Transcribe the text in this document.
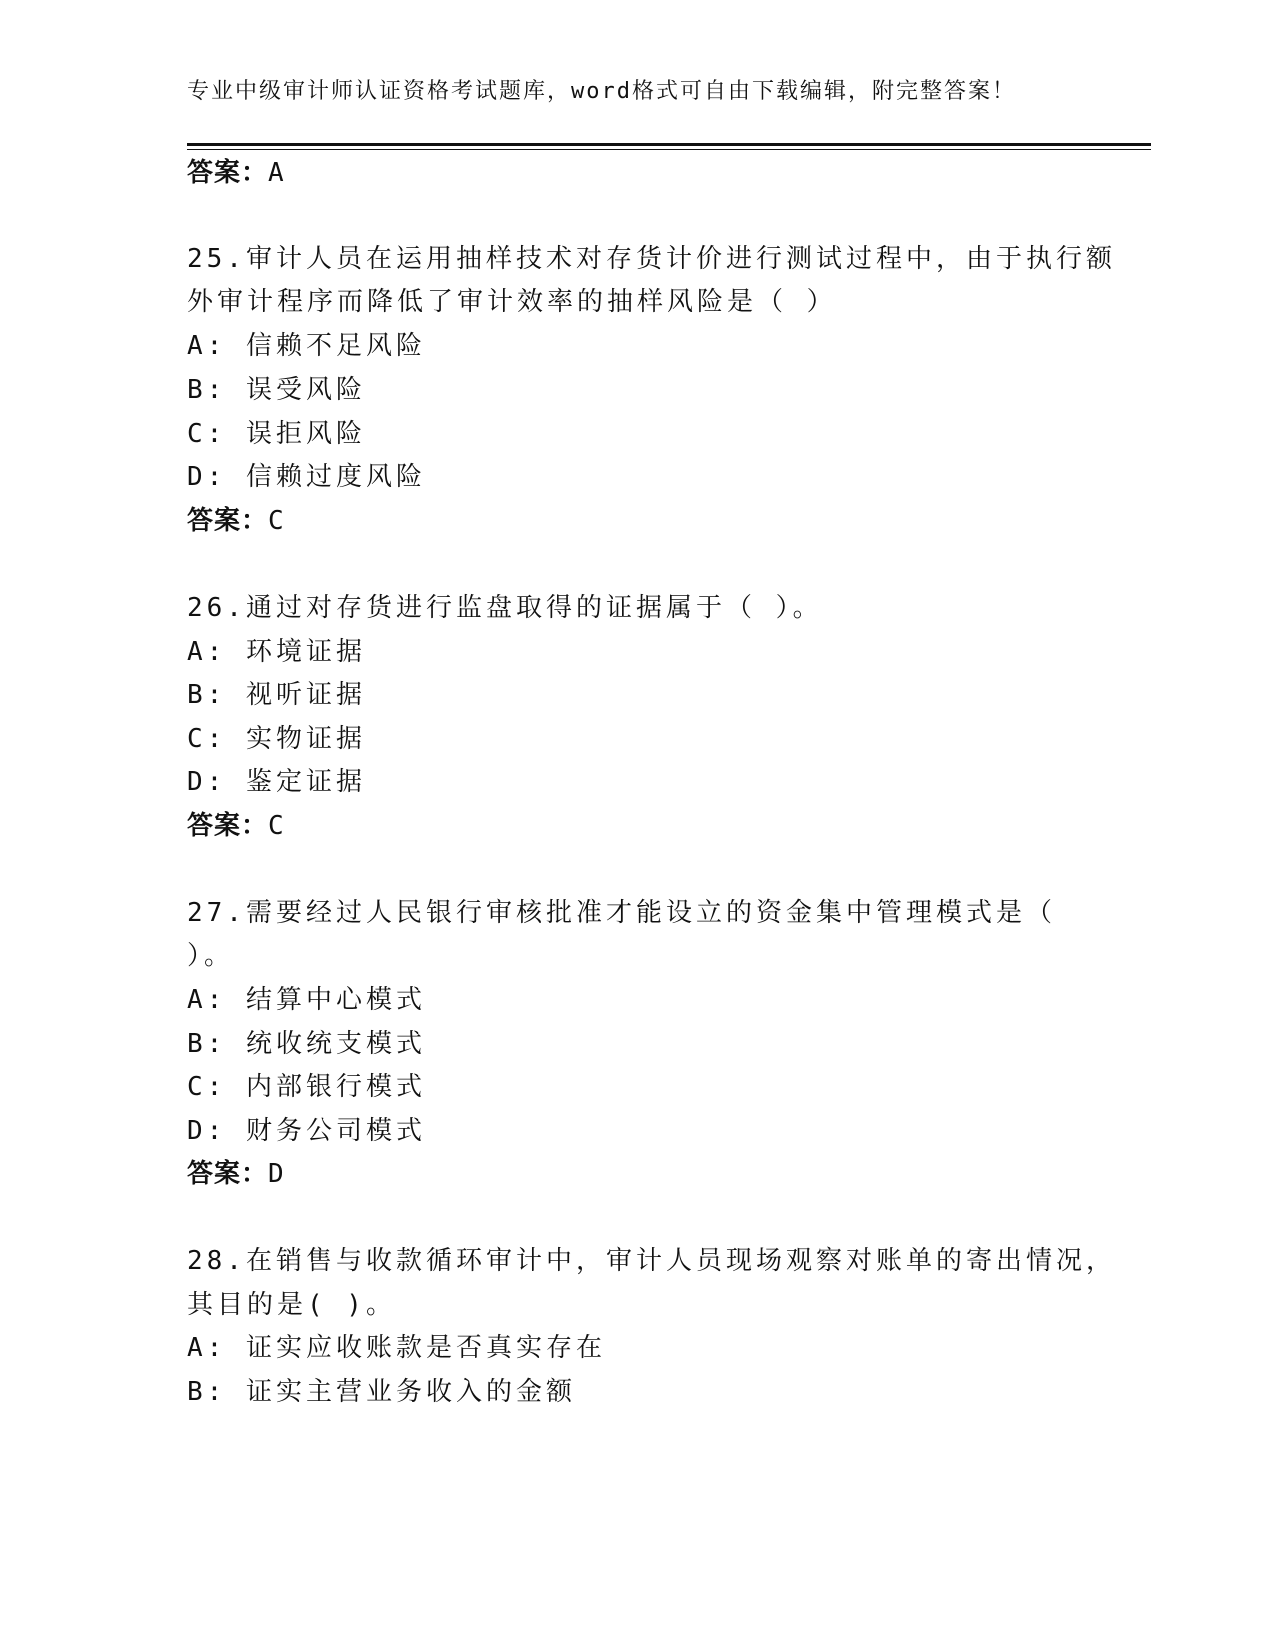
专业中级审计师认证资格考试题库，word格式可自由下载编辑，附完整答案！
答案：A
25.审计人员在运用抽样技术对存货计价进行测试过程中，由于执行额
外审计程序而降低了审计效率的抽样风险是（ ）
A: 信赖不足风险
B: 误受风险
C: 误拒风险
D: 信赖过度风险
答案：C
26.通过对存货进行监盘取得的证据属于（ ）。
A: 环境证据
B: 视听证据
C: 实物证据
D: 鉴定证据
答案：C
27.需要经过人民银行审核批准才能设立的资金集中管理模式是（
）。
A: 结算中心模式
B: 统收统支模式
C: 内部银行模式
D: 财务公司模式
答案：D
28.在销售与收款循环审计中，审计人员现场观察对账单的寄出情况，
其目的是( )。
A: 证实应收账款是否真实存在
B: 证实主营业务收入的金额
